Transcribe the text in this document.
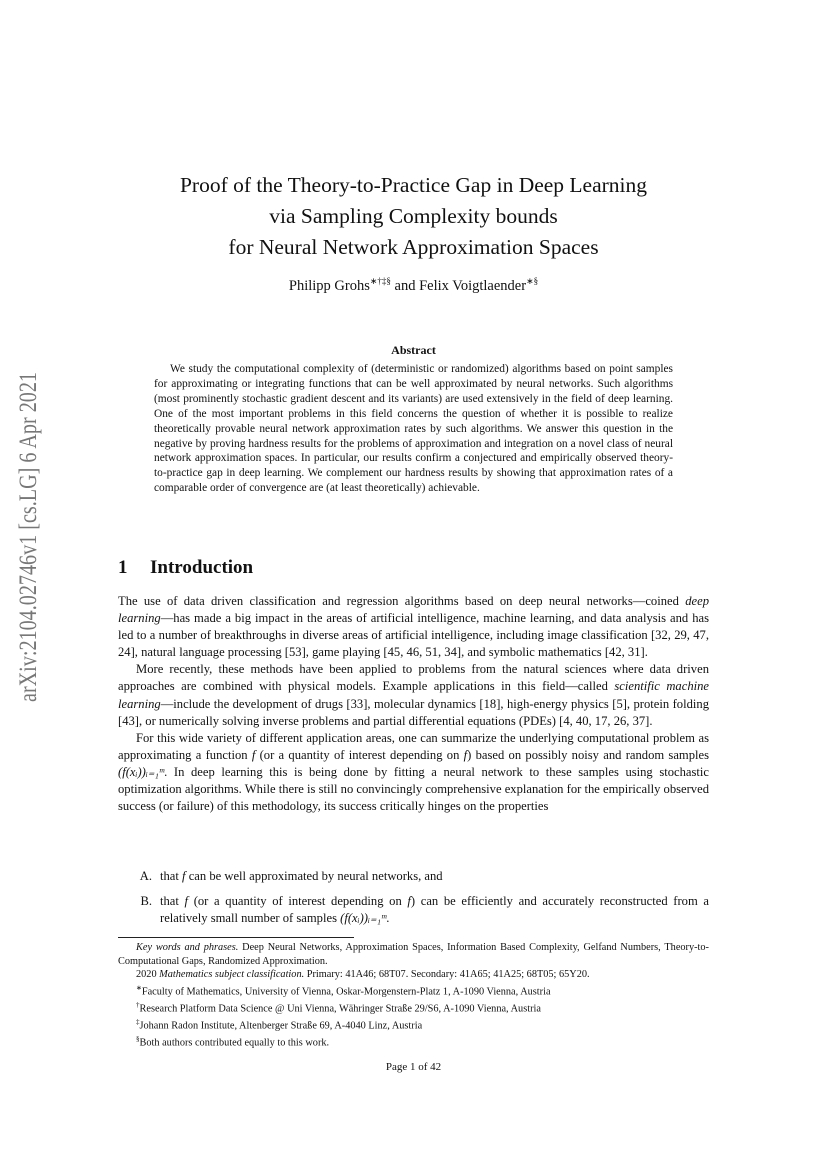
arXiv:2104.02746v1 [cs.LG] 6 Apr 2021
Proof of the Theory-to-Practice Gap in Deep Learning
via Sampling Complexity bounds
for Neural Network Approximation Spaces
Philipp Grohs∗†‡§ and Felix Voigtlaender∗§
Abstract

We study the computational complexity of (deterministic or randomized) algorithms based on point samples for approximating or integrating functions that can be well approximated by neural networks. Such algorithms (most prominently stochastic gradient descent and its variants) are used extensively in the field of deep learning. One of the most important problems in this field concerns the question of whether it is possible to realize theoretically provable neural network approximation rates by such algorithms. We answer this question in the negative by proving hardness results for the problems of approximation and integration on a novel class of neural network approximation spaces. In particular, our results confirm a conjectured and empirically observed theory-to-practice gap in deep learning. We complement our hardness results by showing that approximation rates of a comparable order of convergence are (at least theoretically) achievable.

1 Introduction

The use of data driven classification and regression algorithms based on deep neural networks—coined deep learning—has made a big impact in the areas of artificial intelligence, machine learning, and data analysis and has led to a number of breakthroughs in diverse areas of artificial intelligence, including image classification [32, 29, 47, 24], natural language processing [53], game playing [45, 46, 51, 34], and symbolic mathematics [42, 31].

More recently, these methods have been applied to problems from the natural sciences where data driven approaches are combined with physical models. Example applications in this field—called scientific machine learning—include the development of drugs [33], molecular dynamics [18], high-energy physics [5], protein folding [43], or numerically solving inverse problems and partial differential equations (PDEs) [4, 40, 17, 26, 37].

For this wide variety of different application areas, one can summarize the underlying computational problem as approximating a function f (or a quantity of interest depending on f) based on possibly noisy and random samples (f(xᵢ))ᵢ₌₁ᵐ. In deep learning this is being done by fitting a neural network to these samples using stochastic optimization algorithms. While there is still no convincingly comprehensive explanation for the empirically observed success (or failure) of this methodology, its success critically hinges on the properties

A. that f can be well approximated by neural networks, and
B. that f (or a quantity of interest depending on f) can be efficiently and accurately reconstructed from a relatively small number of samples (f(xᵢ))ᵢ₌₁ᵐ.

Key words and phrases. Deep Neural Networks, Approximation Spaces, Information Based Complexity, Gelfand Numbers, Theory-to-Computational Gaps, Randomized Approximation.

2020 Mathematics subject classification. Primary: 41A46; 68T07. Secondary: 41A65; 41A25; 68T05; 65Y20.

∗Faculty of Mathematics, University of Vienna, Oskar-Morgenstern-Platz 1, A-1090 Vienna, Austria

†Research Platform Data Science @ Uni Vienna, Währinger Straße 29/S6, A-1090 Vienna, Austria

‡Johann Radon Institute, Altenberger Straße 69, A-4040 Linz, Austria

§Both authors contributed equally to this work.

Page 1 of 42
